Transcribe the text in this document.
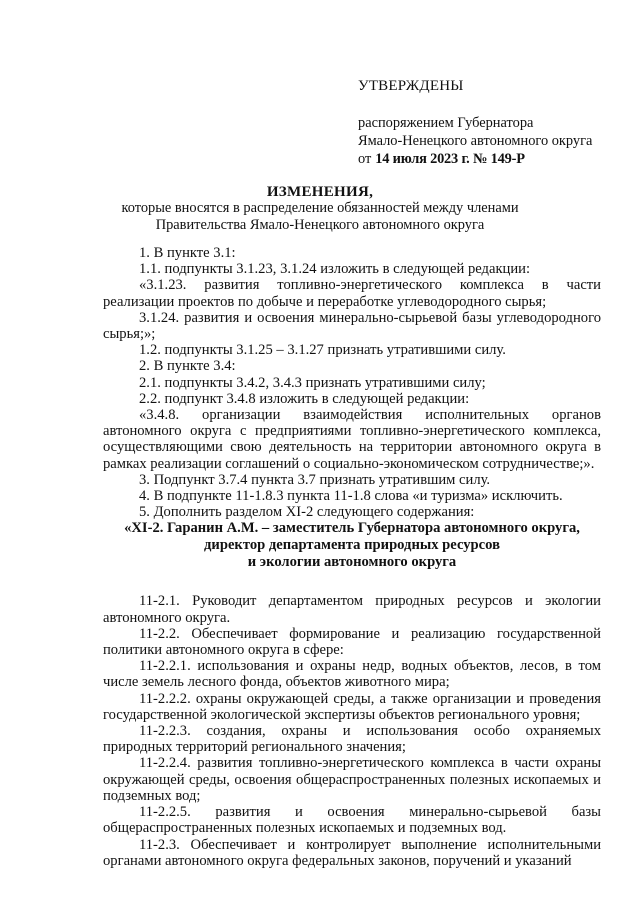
УТВЕРЖДЕНЫ
распоряжением Губернатора
Ямало-Ненецкого автономного округа
от 14 июля 2023 г. № 149-Р
ИЗМЕНЕНИЯ,
которые вносятся в распределение обязанностей между членами
Правительства Ямало-Ненецкого автономного округа

1. В пункте 3.1:

1.1. подпункты 3.1.23, 3.1.24 изложить в следующей редакции:

«3.1.23. развития топливно-энергетического комплекса в части

реализации проектов по добыче и переработке углеводородного сырья;

3.1.24. развития и освоения минерально-сырьевой базы углеводородного сырья;»;

1.2. подпункты 3.1.25 – 3.1.27 признать утратившими силу.

2. В пункте 3.4:

2.1. подпункты 3.4.2, 3.4.3 признать утратившими силу;

2.2. подпункт 3.4.8 изложить в следующей редакции:

«3.4.8. организации взаимодействия исполнительных органов автономного округа с предприятиями топливно-энергетического комплекса, осуществляющими свою деятельность на территории автономного округа в рамках реализации соглашений о социально-экономическом сотрудничестве;».

3. Подпункт 3.7.4 пункта 3.7 признать утратившим силу.

4. В подпункте 11-1.8.3 пункта 11-1.8 слова «и туризма» исключить.

5. Дополнить разделом XI-2 следующего содержания:

«XI-2. Гаранин А.М. – заместитель Губернатора автономного округа,

директор департамента природных ресурсов

и экологии автономного округа

11-2.1. Руководит департаментом природных ресурсов и экологии автономного округа.

11-2.2. Обеспечивает формирование и реализацию государственной политики автономного округа в сфере:

11-2.2.1. использования и охраны недр, водных объектов, лесов, в том числе земель лесного фонда, объектов животного мира;

11-2.2.2. охраны окружающей среды, а также организации и проведения государственной экологической экспертизы объектов регионального уровня;

11-2.2.3. создания, охраны и использования особо охраняемых природных территорий регионального значения;

11-2.2.4. развития топливно-энергетического комплекса в части охраны окружающей среды, освоения общераспространенных полезных ископаемых и подземных вод;

11-2.2.5. развития и освоения минерально-сырьевой базы общераспространенных полезных ископаемых и подземных вод.

11-2.3. Обеспечивает и контролирует выполнение исполнительными органами автономного округа федеральных законов, поручений и указаний
